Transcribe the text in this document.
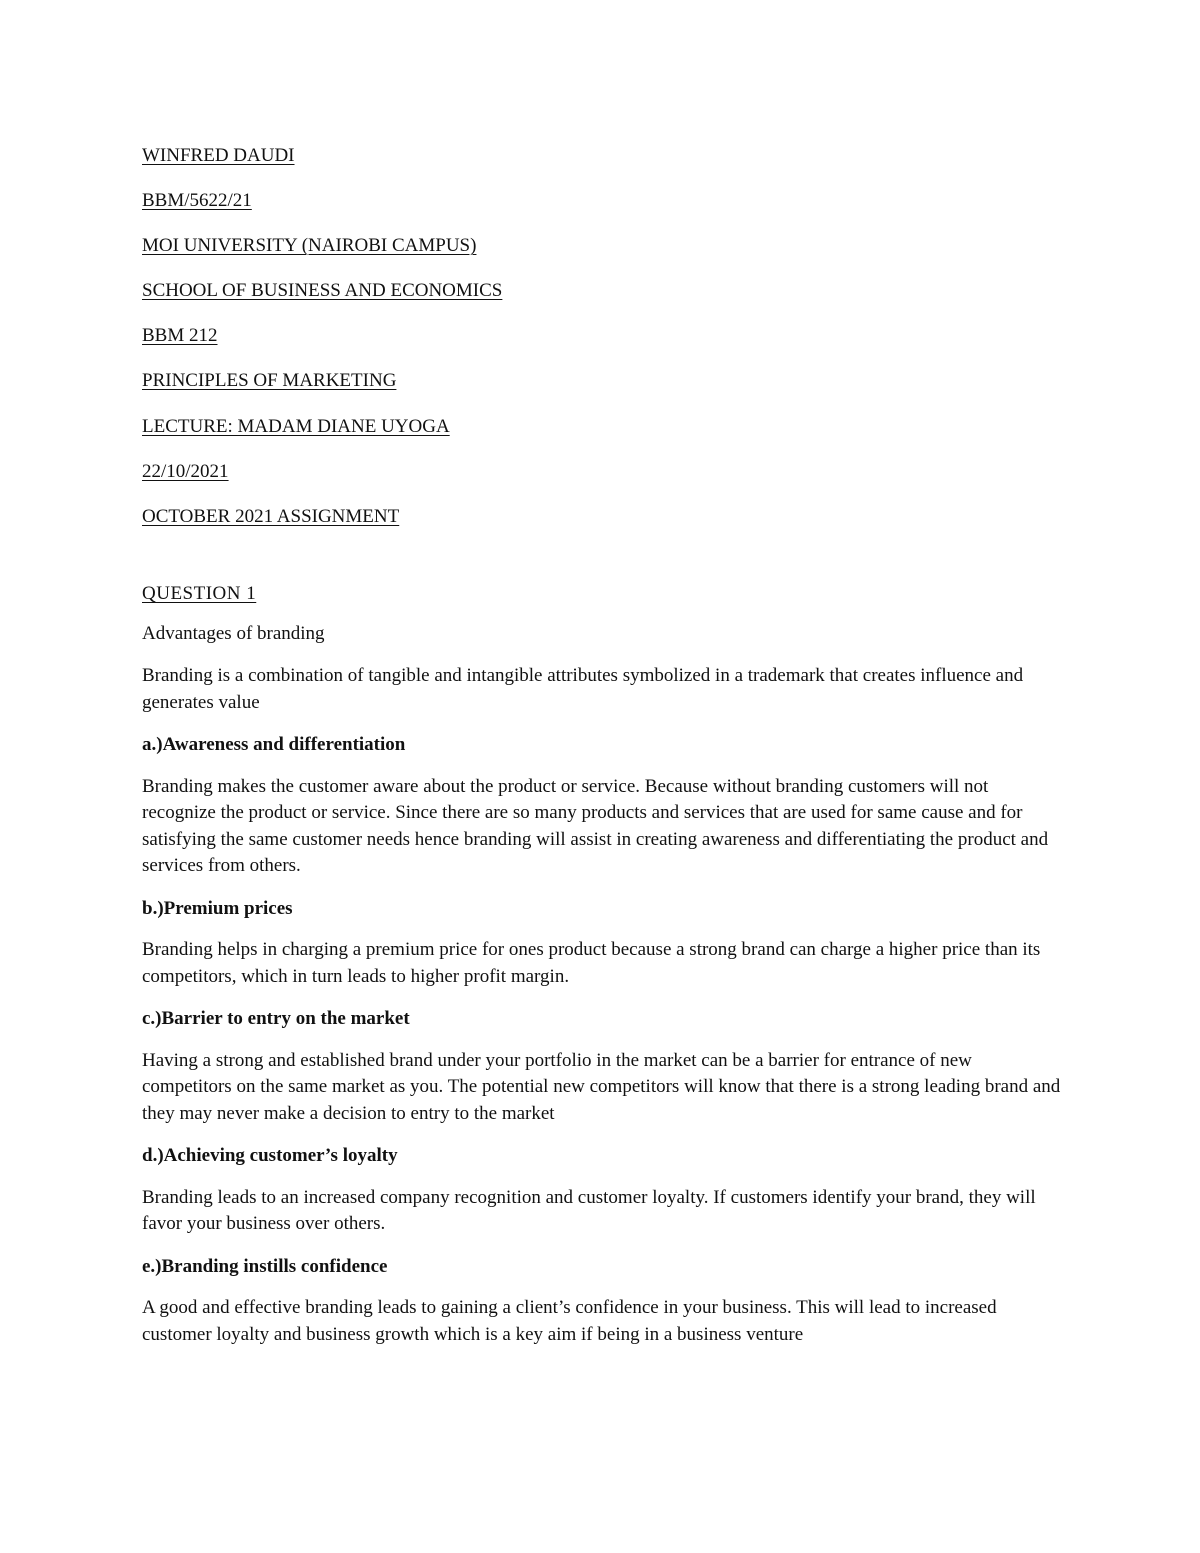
WINFRED DAUDI

BBM/5622/21

MOI UNIVERSITY (NAIROBI CAMPUS)

SCHOOL OF BUSINESS AND ECONOMICS

BBM 212

PRINCIPLES OF MARKETING

LECTURE: MADAM DIANE UYOGA

22/10/2021

OCTOBER 2021 ASSIGNMENT

QUESTION 1

Advantages of branding

Branding is a combination of tangible and intangible attributes symbolized in a trademark that creates influence and generates value

a.)Awareness and differentiation

Branding makes the customer aware about the product or service. Because without branding customers will not recognize the product or service. Since there are so many products and services that are used for same cause and for satisfying the same customer needs hence branding will assist in creating awareness and differentiating the product and services from others.

b.)Premium prices

Branding helps in charging a premium price for ones product because a strong brand can charge a higher price than its competitors, which in turn leads to higher profit margin.

c.)Barrier to entry on the market

Having a strong and established brand under your portfolio in the market can be a barrier for entrance of new competitors on the same market as you. The potential new competitors will know that there is a strong leading brand and they may never make a decision to entry to the market

d.)Achieving customer’s loyalty

Branding leads to an increased company recognition and customer loyalty. If customers identify your brand, they will favor your business over others.

e.)Branding instills confidence

A good and effective branding leads to gaining a client’s confidence in your business. This will lead to increased customer loyalty and business growth which is a key aim if being in a business venture
